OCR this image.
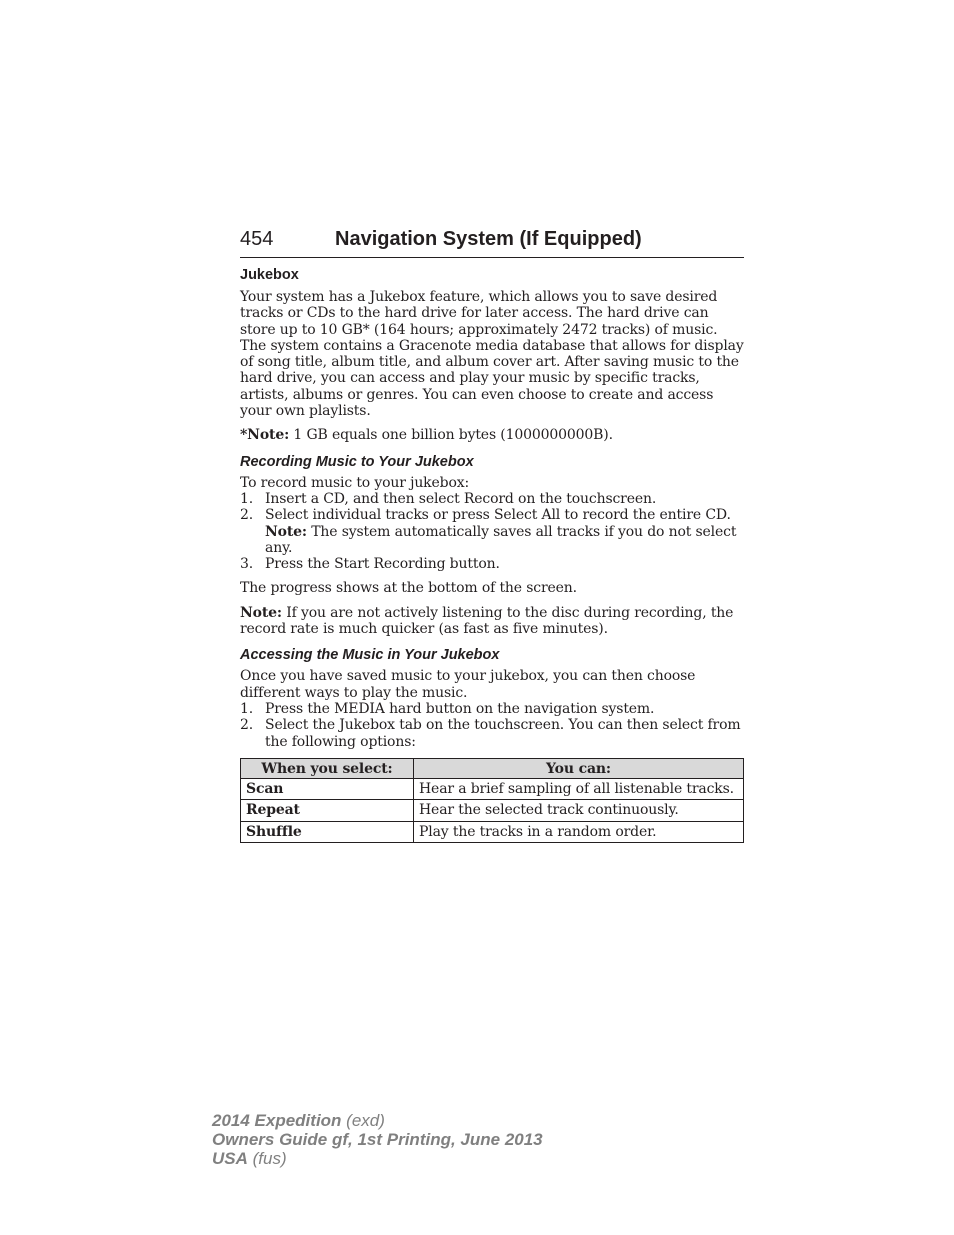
454	Navigation System (If Equipped)
Jukebox

Your system has a Jukebox feature, which allows you to save desired tracks or CDs to the hard drive for later access. The hard drive can store up to 10 GB* (164 hours; approximately 2472 tracks) of music. The system contains a Gracenote media database that allows for display of song title, album title, and album cover art. After saving music to the hard drive, you can access and play your music by specific tracks, artists, albums or genres. You can even choose to create and access your own playlists.

*Note: 1 GB equals one billion bytes (1000000000B).

Recording Music to Your Jukebox

To record music to your jukebox:

1. Insert a CD, and then select Record on the touchscreen.
2. Select individual tracks or press Select All to record the entire CD.
Note: The system automatically saves all tracks if you do not select any.
3. Press the Start Recording button.

The progress shows at the bottom of the screen.

Note: If you are not actively listening to the disc during recording, the record rate is much quicker (as fast as five minutes).

Accessing the Music in Your Jukebox

Once you have saved music to your jukebox, you can then choose different ways to play the music.

1. Press the MEDIA hard button on the navigation system.
2. Select the Jukebox tab on the touchscreen. You can then select from the following options:
When you select:	You can:
Scan	Hear a brief sampling of all listenable tracks.
Repeat	Hear the selected track continuously.
Shuffle	Play the tracks in a random order.
2014 Expedition (exd)
Owners Guide gf, 1st Printing, June 2013
USA (fus)
